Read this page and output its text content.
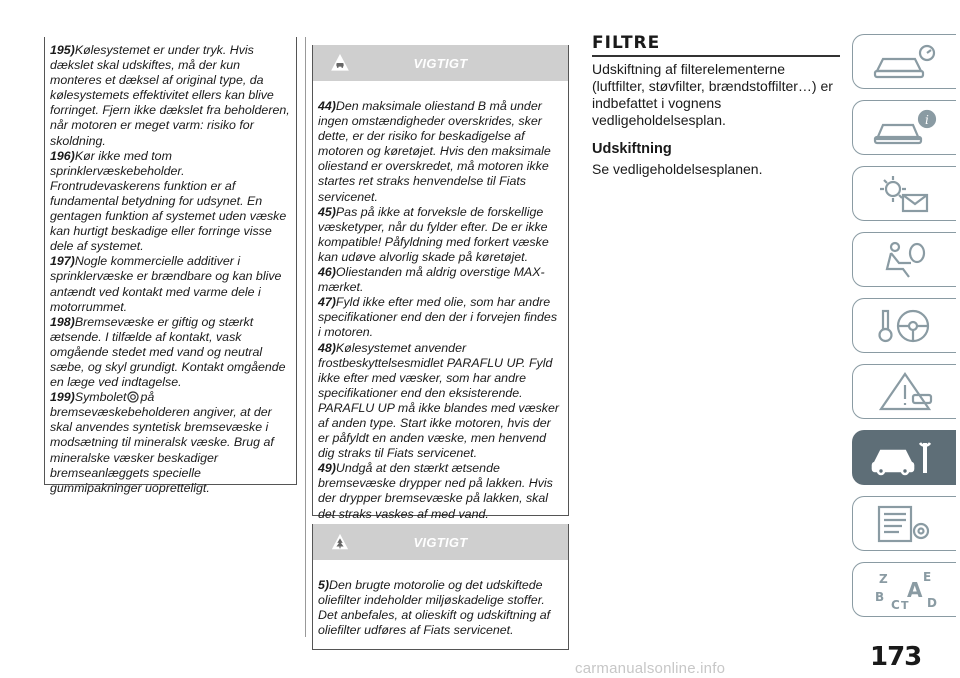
195)Kølesystemet er under tryk. Hvis dækslet skal udskiftes, må der kun monteres et dæksel af original type, da kølesystemets effektivitet ellers kan blive forringet. Fjern ikke dækslet fra beholderen, når motoren er meget varm: risiko for skoldning.

196)Kør ikke med tom sprinklervæskebeholder. Frontrudevaskerens funktion er af fundamental betydning for udsynet. En gentagen funktion af systemet uden væske kan hurtigt beskadige eller forringe visse dele af systemet.

197)Nogle kommercielle additiver i sprinklervæske er brændbare og kan blive antændt ved kontakt med varme dele i motorrummet.

198)Bremsevæske er giftig og stærkt ætsende. I tilfælde af kontakt, vask omgående stedet med vand og neutral sæbe, og skyl grundigt. Kontakt omgående en læge ved indtagelse.

199)Symbolet på bremsevæskebeholderen angiver, at der skal anvendes syntetisk bremsevæske i modsætning til mineralsk væske. Brug af mineralske væsker beskadiger bremseanlæggets specielle gummipakninger uopretteligt.

VIGTIGT

44)Den maksimale oliestand B må under ingen omstændigheder overskrides, sker dette, er der risiko for beskadigelse af motoren og køretøjet. Hvis den maksimale oliestand er overskredet, må motoren ikke startes ret straks henvendelse til Fiats servicenet.

45)Pas på ikke at forveksle de forskellige væsketyper, når du fylder efter. De er ikke kompatible! Påfyldning med forkert væske kan udøve alvorlig skade på køretøjet.

46)Oliestanden må aldrig overstige MAX-mærket.

47)Fyld ikke efter med olie, som har andre specifikationer end den der i forvejen findes i motoren.

48)Kølesystemet anvender frostbeskyttelsesmidlet PARAFLU UP. Fyld ikke efter med væsker, som har andre specifikationer end den eksisterende. PARAFLU UP må ikke blandes med væsker af anden type. Start ikke motoren, hvis der er påfyldt en anden væske, men henvend dig straks til Fiats servicenet.

49)Undgå at den stærkt ætsende bremsevæske drypper ned på lakken. Hvis der drypper bremsevæske på lakken, skal det straks vaskes af med vand.

VIGTIGT

5)Den brugte motorolie og det udskiftede oliefilter indeholder miljøskadelige stoffer. Det anbefales, at olieskift og udskiftning af oliefilter udføres af Fiats servicenet.

FILTRE

Udskiftning af filterelementerne (luftfilter, støvfilter, brændstoffilter…) er indbefattet i vognens vedligeholdelsesplan.

Udskiftning

Se vedligeholdelsesplanen.

i
Z	E
B A
C T D
173
carmanualsonline.info
